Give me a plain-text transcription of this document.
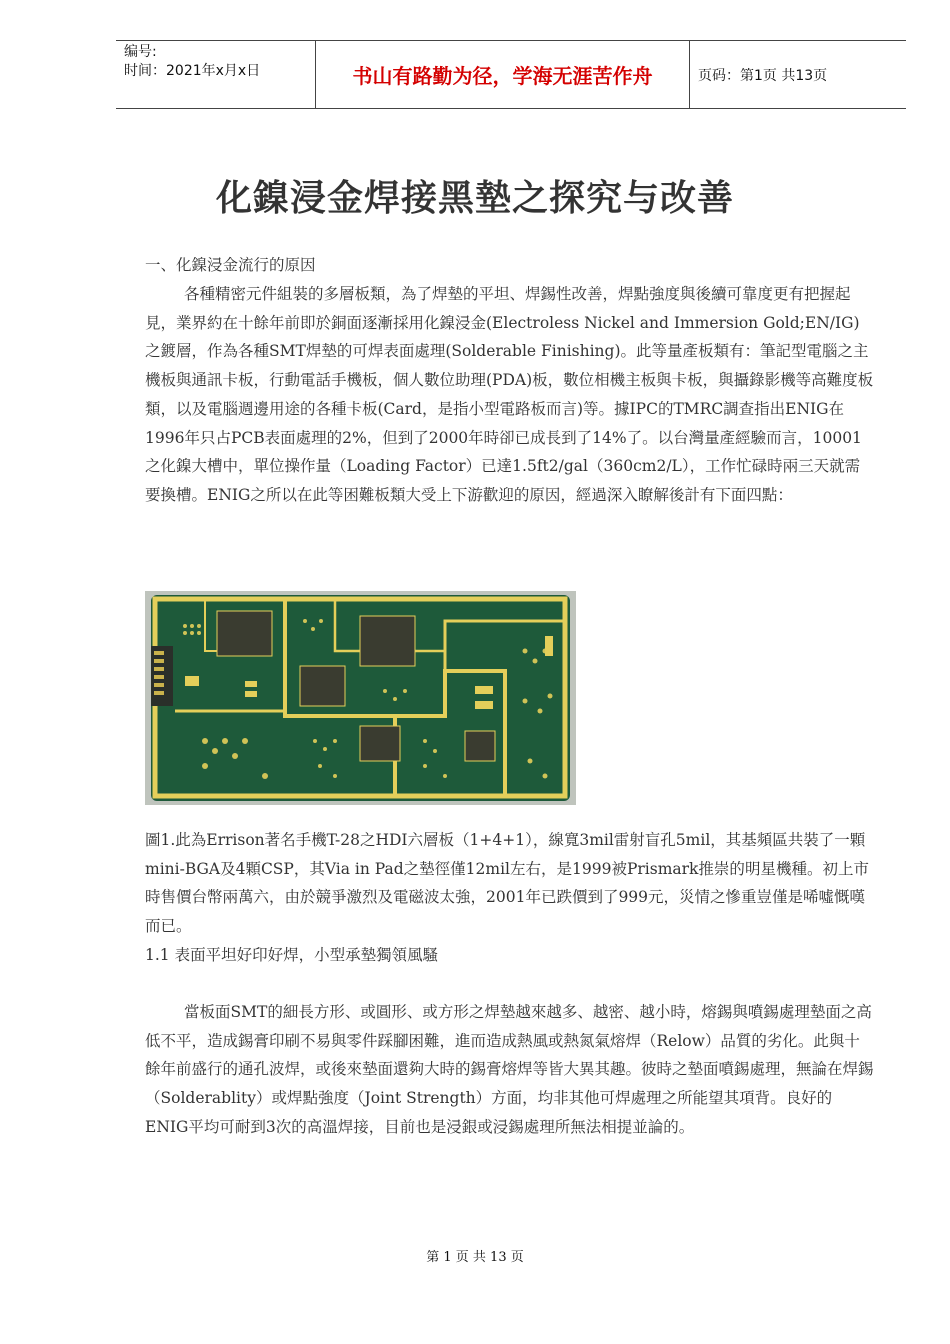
编号:
时间：2021年x月x日	书山有路勤为径，学海无涯苦作舟	页码：第1页 共13页
化鎳浸金焊接黑墊之探究与改善

一、化鎳浸金流行的原因

各種精密元件組裝的多層板類，為了焊墊的平坦、焊錫性改善，焊點強度與後續可靠度更有把握起見，業界約在十餘年前即於銅面逐漸採用化鎳浸金(Electroless Nickel and Immersion Gold;EN/IG)之鍍層，作為各種SMT焊墊的可焊表面處理(Solderable Finishing)。此等量產板類有：筆記型電腦之主機板與通訊卡板，行動電話手機板，個人數位助理(PDA)板，數位相機主板與卡板，與攝錄影機等高難度板類，以及電腦週邊用途的各種卡板(Card，是指小型電路板而言)等。據IPC的TMRC調查指出ENIG在1996年只占PCB表面處理的2%，但到了2000年時卻已成長到了14%了。以台灣量產經驗而言，10001之化鎳大槽中，單位操作量（Loading Factor）已達1.5ft2/gal（360cm2/L），工作忙碌時兩三天就需要換槽。ENIG之所以在此等困難板類大受上下游歡迎的原因，經過深入瞭解後計有下面四點：

圖1.此為Errison著名手機T-28之HDI六層板（1+4+1），線寬3mil雷射盲孔5mil，其基頻區共裝了一顆mini-BGA及4顆CSP，其Via in Pad之墊徑僅12mil左右，是1999被Prismark推崇的明星機種。初上市時售價台幣兩萬六，由於競爭激烈及電磁波太強，2001年已跌價到了999元，災情之慘重豈僅是唏噓慨嘆而已。

1.1 表面平坦好印好焊，小型承墊獨領風騷

當板面SMT的細長方形、或圓形、或方形之焊墊越來越多、越密、越小時，熔錫與噴錫處理墊面之高低不平，造成錫膏印刷不易與零件踩腳困難，進而造成熱風或熱氮氣熔焊（Relow）品質的劣化。此與十餘年前盛行的通孔波焊，或後來墊面還夠大時的錫膏熔焊等皆大異其趣。彼時之墊面噴錫處理，無論在焊錫（Solderablity）或焊點強度（Joint Strength）方面，均非其他可焊處理之所能望其項背。良好的ENIG平均可耐到3次的高溫焊接，目前也是浸銀或浸錫處理所無法相提並論的。

第 1 页 共 13 页
